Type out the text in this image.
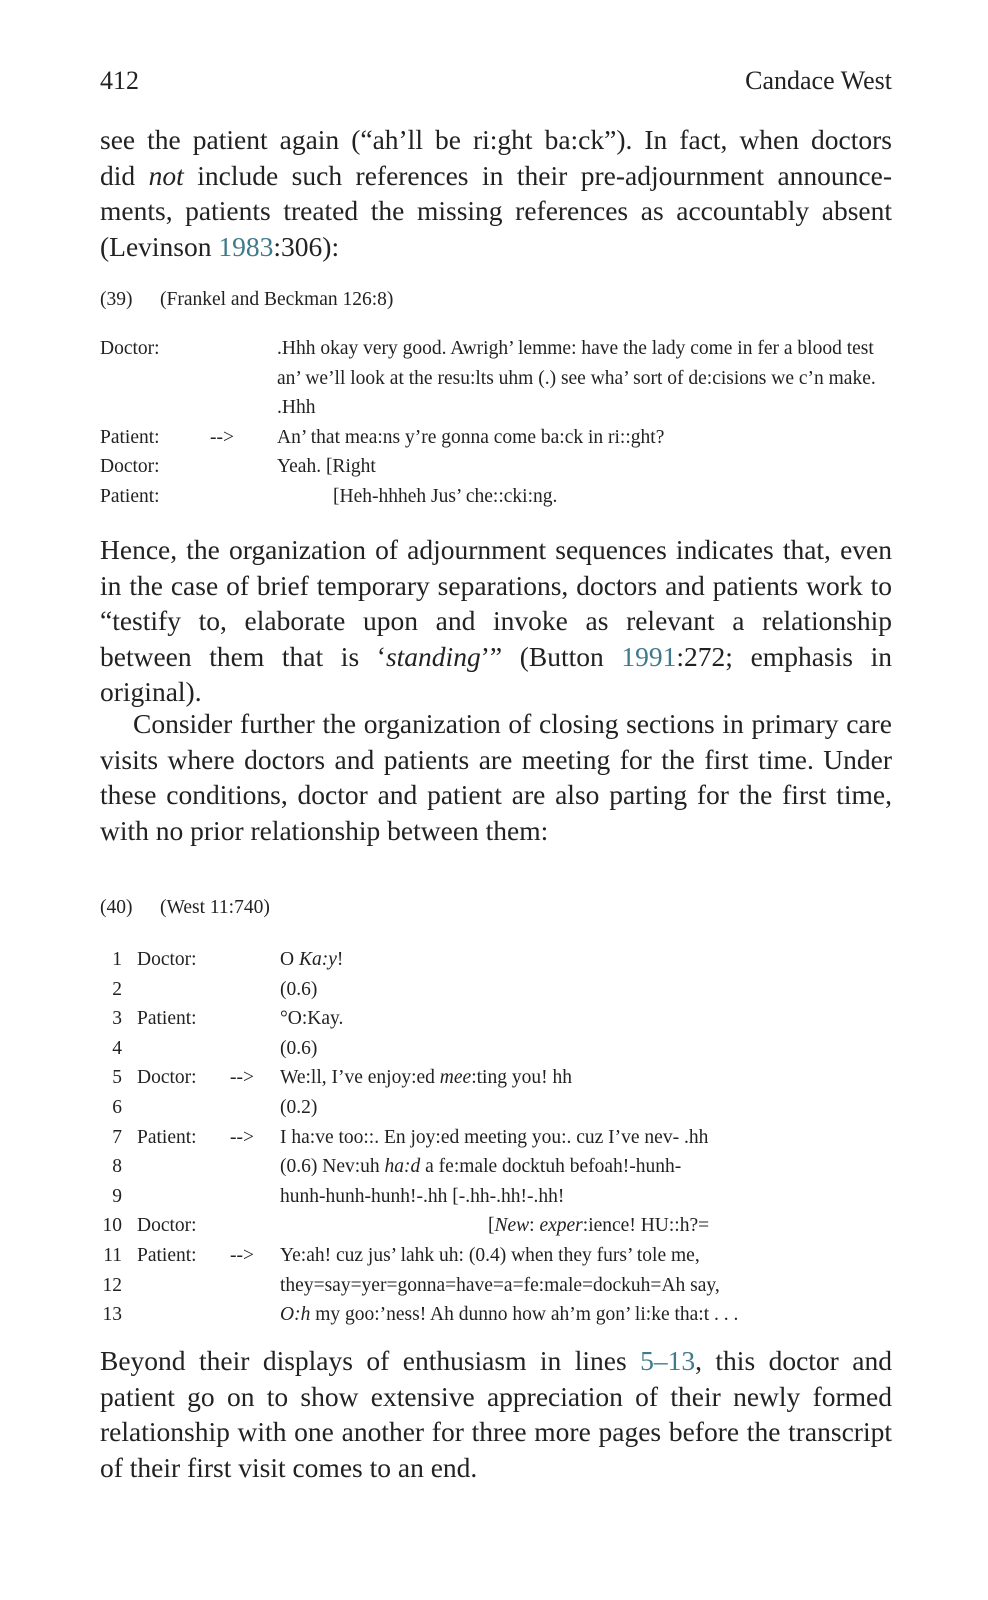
412	Candace West

see the patient again (“ah’ll be ri:ght ba:ck”). In fact, when doctors
did not include such references in their pre-adjournment announce-
ments, patients treated the missing references as accountably absent
(Levinson 1983:306):

(39) (Frankel and Beckman 126:8)
Doctor:	.Hhh okay very good. Awrigh’ lemme: have the lady come in fer a blood test an’ we’ll look at the resu:lts uhm (.) see wha’ sort of de:cisions we c’n make. .Hhh
Patient:	--> An’ that mea:ns y’re gonna come ba:ck in ri::ght?
Doctor:	Yeah. [Right
Patient:	[Heh-hhheh Jus’ che::cki:ng.

Hence, the organization of adjournment sequences indicates that, even in the case of brief temporary separations, doctors and patients work to “testify to, elaborate upon and invoke as relevant a relationship between them that is ‘standing’” (Button 1991:272; emphasis in original).

Consider further the organization of closing sections in primary care visits where doctors and patients are meeting for the first time. Under these conditions, doctor and patient are also parting for the first time, with no prior relationship between them:

(40) (West 11:740)
1 Doctor:	O Ka:y!
2	(0.6)
3 Patient:	°O:Kay.
4	(0.6)
5 Doctor: --> We:ll, I’ve enjoy:ed mee:ting you! hh
6	(0.2)
7 Patient: --> I ha:ve too::. En joy:ed meeting you:. cuz I’ve nev- .hh
8	(0.6) Nev:uh ha:d a fe:male docktuh befoah!-hunh-
9	hunh-hunh-hunh!-.hh [-.hh-.hh!-.hh!
10 Doctor:	[New: exper:ience! HU::h?=
11 Patient: --> Ye:ah! cuz jus’ lahk uh: (0.4) when they furs’ tole me,
12	they=say=yer=gonna=have=a=fe:male=dockuh=Ah say,
13	O:h my goo:’ness! Ah dunno how ah’m gon’ li:ke tha:t . . .

Beyond their displays of enthusiasm in lines 5–13, this doctor and patient go on to show extensive appreciation of their newly formed relationship with one another for three more pages before the transcript of their first visit comes to an end.
